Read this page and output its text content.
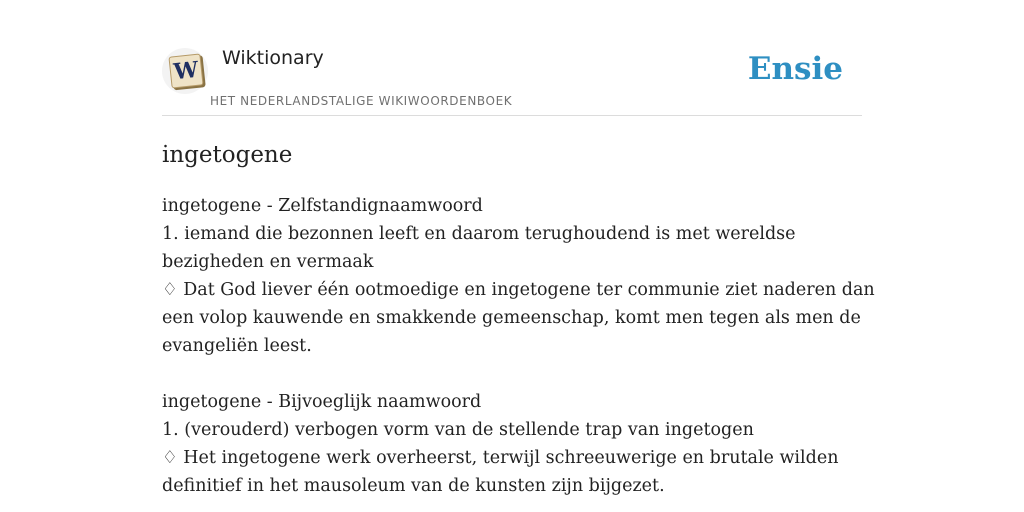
W Wiktionary
HET NEDERLANDSTALIGE WIKIWOORDENBOEK
Ensie
ingetogene
ingetogene - Zelfstandignaamwoord
1. iemand die bezonnen leeft en daarom terughoudend is met wereldse
bezigheden en vermaak
♢ Dat God liever één ootmoedige en ingetogene ter communie ziet naderen dan
een volop kauwende en smakkende gemeenschap, komt men tegen als men de
evangeliën leest.
ingetogene - Bijvoeglijk naamwoord
1. (verouderd) verbogen vorm van de stellende trap van ingetogen
♢ Het ingetogene werk overheerst, terwijl schreeuwerige en brutale wilden
definitief in het mausoleum van de kunsten zijn bijgezet.
